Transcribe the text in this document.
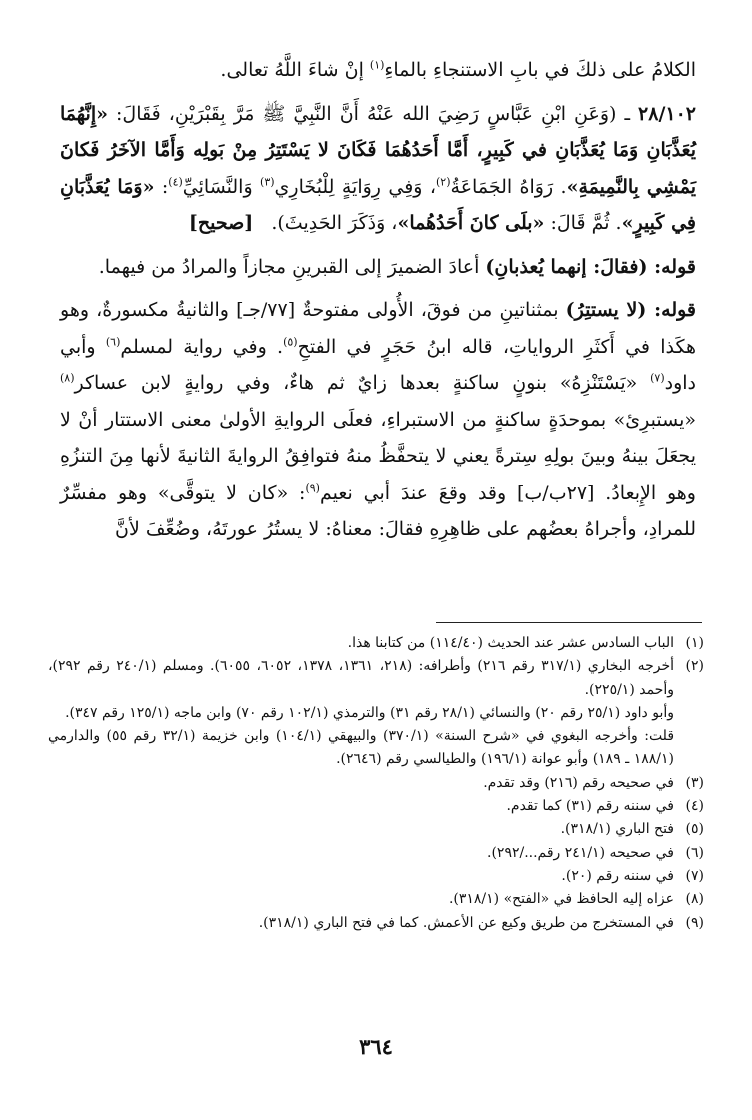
الكلامُ على ذلكَ في بابِ الاستنجاءِ بالماءِ$^{(١)}$ إنْ شاءَ اللَّهُ تعالى.

٢٨/١٠٢ ـ (وَعَنِ ابْنِ عَبَّاسٍ رَضِيَ الله عَنْهُ أَنَّ النَّبِيَّ ﷺ مَرَّ بِقَبْرَيْنِ، فَقَالَ: «إِنَّهُمَا يُعَذَّبَانِ وَمَا يُعَذَّبَانِ في كَبِيرٍ، أَمَّا أَحَدُهُمَا فَكَانَ لا يَسْتَتِرُ مِنْ بَولِه وَأَمَّا الآخَرُ فَكانَ يَمْشِي بِالنَّمِيمَةِ». رَوَاهُ الجَمَاعَةُ$^{(٢)}$، وَفِي رِوَايَةٍ لِلْبُخَارِي$^{(٣)}$ وَالنَّسَائِيِّ$^{(٤)}$: «وَمَا يُعَذَّبَانِ فِي كَبِيرٍ». ثُمَّ قَالَ: «بلَى كانَ أَحَدُهُما»، وَذَكَرَ الحَدِيثَ).   [صحيح]

قوله: (فقالَ: إنهما يُعذبانِ) أعادَ الضميرَ إلى القبرينِ مجازاً والمرادُ من فيهما.

قوله: (لا يستتِرُ) بمثناتينِ من فوقَ، الأُولى مفتوحةٌ [٧٧/جـ] والثانيةُ مكسورةٌ، وهو هكَذا في أَكثَرِ الرواياتِ، قاله ابنُ حَجَرٍ في الفتحِ$^{(٥)}$. وفي رواية لمسلم$^{(٦)}$ وأبي داود$^{(٧)}$ «يَسْتَنْزِهُ» بنونٍ ساكنةٍ بعدها زايٌ ثم هاءٌ، وفي روايةٍ لابن عساكر$^{(٨)}$ «يستبرِئ» بموحدَةٍ ساكنةٍ من الاستبراءِ، فعلَى الروايةِ الأولىٰ معنى الاستتار أنْ لا يجعَلَ بينهُ وبينَ بولِهِ سِترةً يعني لا يتحفَّظُ منهُ فتوافِقُ الروايةَ الثانيةَ لأنها مِنَ التنزُهِ وهو الإِبعادُ. [٢٧ب/ب] وقد وقعَ عندَ أبي نعيم$^{(٩)}$: «كان لا يتوقَّى» وهو مفسِّرٌ للمرادِ، وأجراهُ بعضُهم على ظاهِرِهِ فقالَ: معناهُ: لا يستُرُ عورتَهُ، وضُعِّفَ لأنَّ

(١)
الباب السادس عشر عند الحديث (١١٤/٤٠) من كتابنا هذا.
(٢)
أخرجه البخاري (٣١٧/١ رقم ٢١٦) وأطرافه: (٢١٨، ١٣٦١، ١٣٧٨، ٦٠٥٢، ٦٠٥٥). ومسلم (٢٤٠/١ رقم ٢٩٢)، وأحمد (٢٢٥/١).
وأبو داود (٢٥/١ رقم ٢٠) والنسائي (٢٨/١ رقم ٣١) والترمذي (١٠٢/١ رقم ٧٠) وابن ماجه (١٢٥/١ رقم ٣٤٧).
قلت: وأخرجه البغوي في «شرح السنة» (٣٧٠/١) والبيهقي (١٠٤/١) وابن خزيمة (٣٢/١ رقم ٥٥) والدارمي (١٨٨/١ ـ ١٨٩) وأبو عوانة (١٩٦/١) والطيالسي رقم (٢٦٤٦).
(٣)
في صحيحه رقم (٢١٦) وقد تقدم.
(٤)
في سننه رقم (٣١) كما تقدم.
(٥)
فتح الباري (٣١٨/١).
(٦)
في صحيحه (٢٤١/١ رقم.../٢٩٢).
(٧)
في سننه رقم (٢٠).
(٨)
عزاه إليه الحافظ في «الفتح» (٣١٨/١).
(٩)
في المستخرج من طريق وكيع عن الأعمش. كما في فتح الباري (٣١٨/١).
٣٦٤
